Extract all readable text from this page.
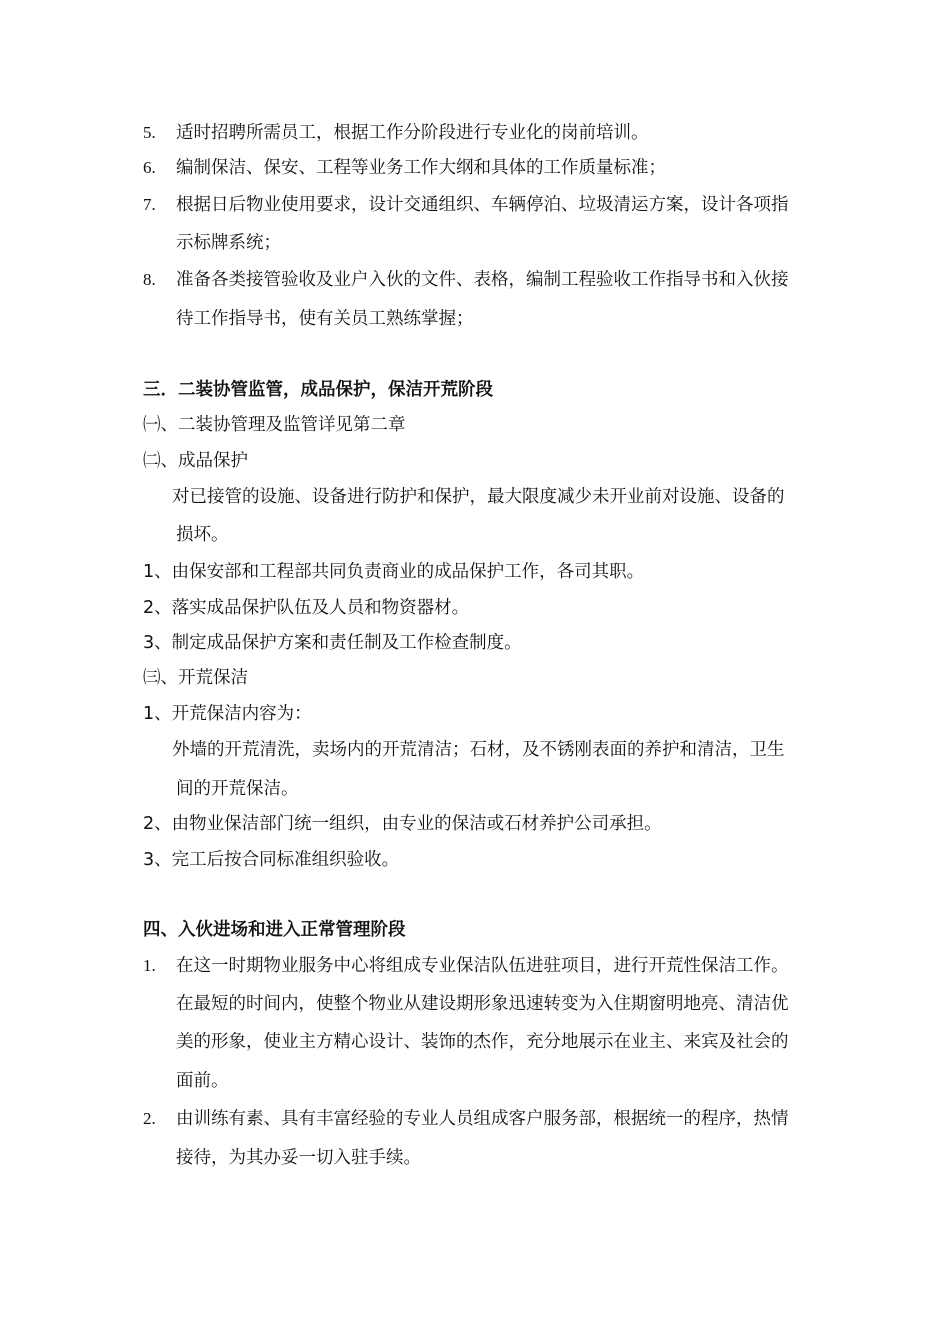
5. 适时招聘所需员工，根据工作分阶段进行专业化的岗前培训。
6. 编制保洁、保安、工程等业务工作大纲和具体的工作质量标准；
7. 根据日后物业使用要求，设计交通组织、车辆停泊、垃圾清运方案，设计各项指
示标牌系统；
8. 准备各类接管验收及业户入伙的文件、表格，编制工程验收工作指导书和入伙接
待工作指导书，使有关员工熟练掌握；
三．二装协管监管，成品保护，保洁开荒阶段
㈠、二装协管理及监管详见第二章
㈡、成品保护
对已接管的设施、设备进行防护和保护，最大限度减少未开业前对设施、设备的
损坏。
1、由保安部和工程部共同负责商业的成品保护工作，各司其职。
2、落实成品保护队伍及人员和物资器材。
3、制定成品保护方案和责任制及工作检查制度。
㈢、开荒保洁
1、开荒保洁内容为：
外墙的开荒清洗，卖场内的开荒清洁；石材，及不锈刚表面的养护和清洁，卫生
间的开荒保洁。
2、由物业保洁部门统一组织，由专业的保洁或石材养护公司承担。
3、完工后按合同标准组织验收。
四、入伙进场和进入正常管理阶段
1. 在这一时期物业服务中心将组成专业保洁队伍进驻项目，进行开荒性保洁工作。
在最短的时间内，使整个物业从建设期形象迅速转变为入住期窗明地亮、清洁优
美的形象，使业主方精心设计、装饰的杰作，充分地展示在业主、来宾及社会的
面前。
2. 由训练有素、具有丰富经验的专业人员组成客户服务部，根据统一的程序，热情
接待，为其办妥一切入驻手续。
